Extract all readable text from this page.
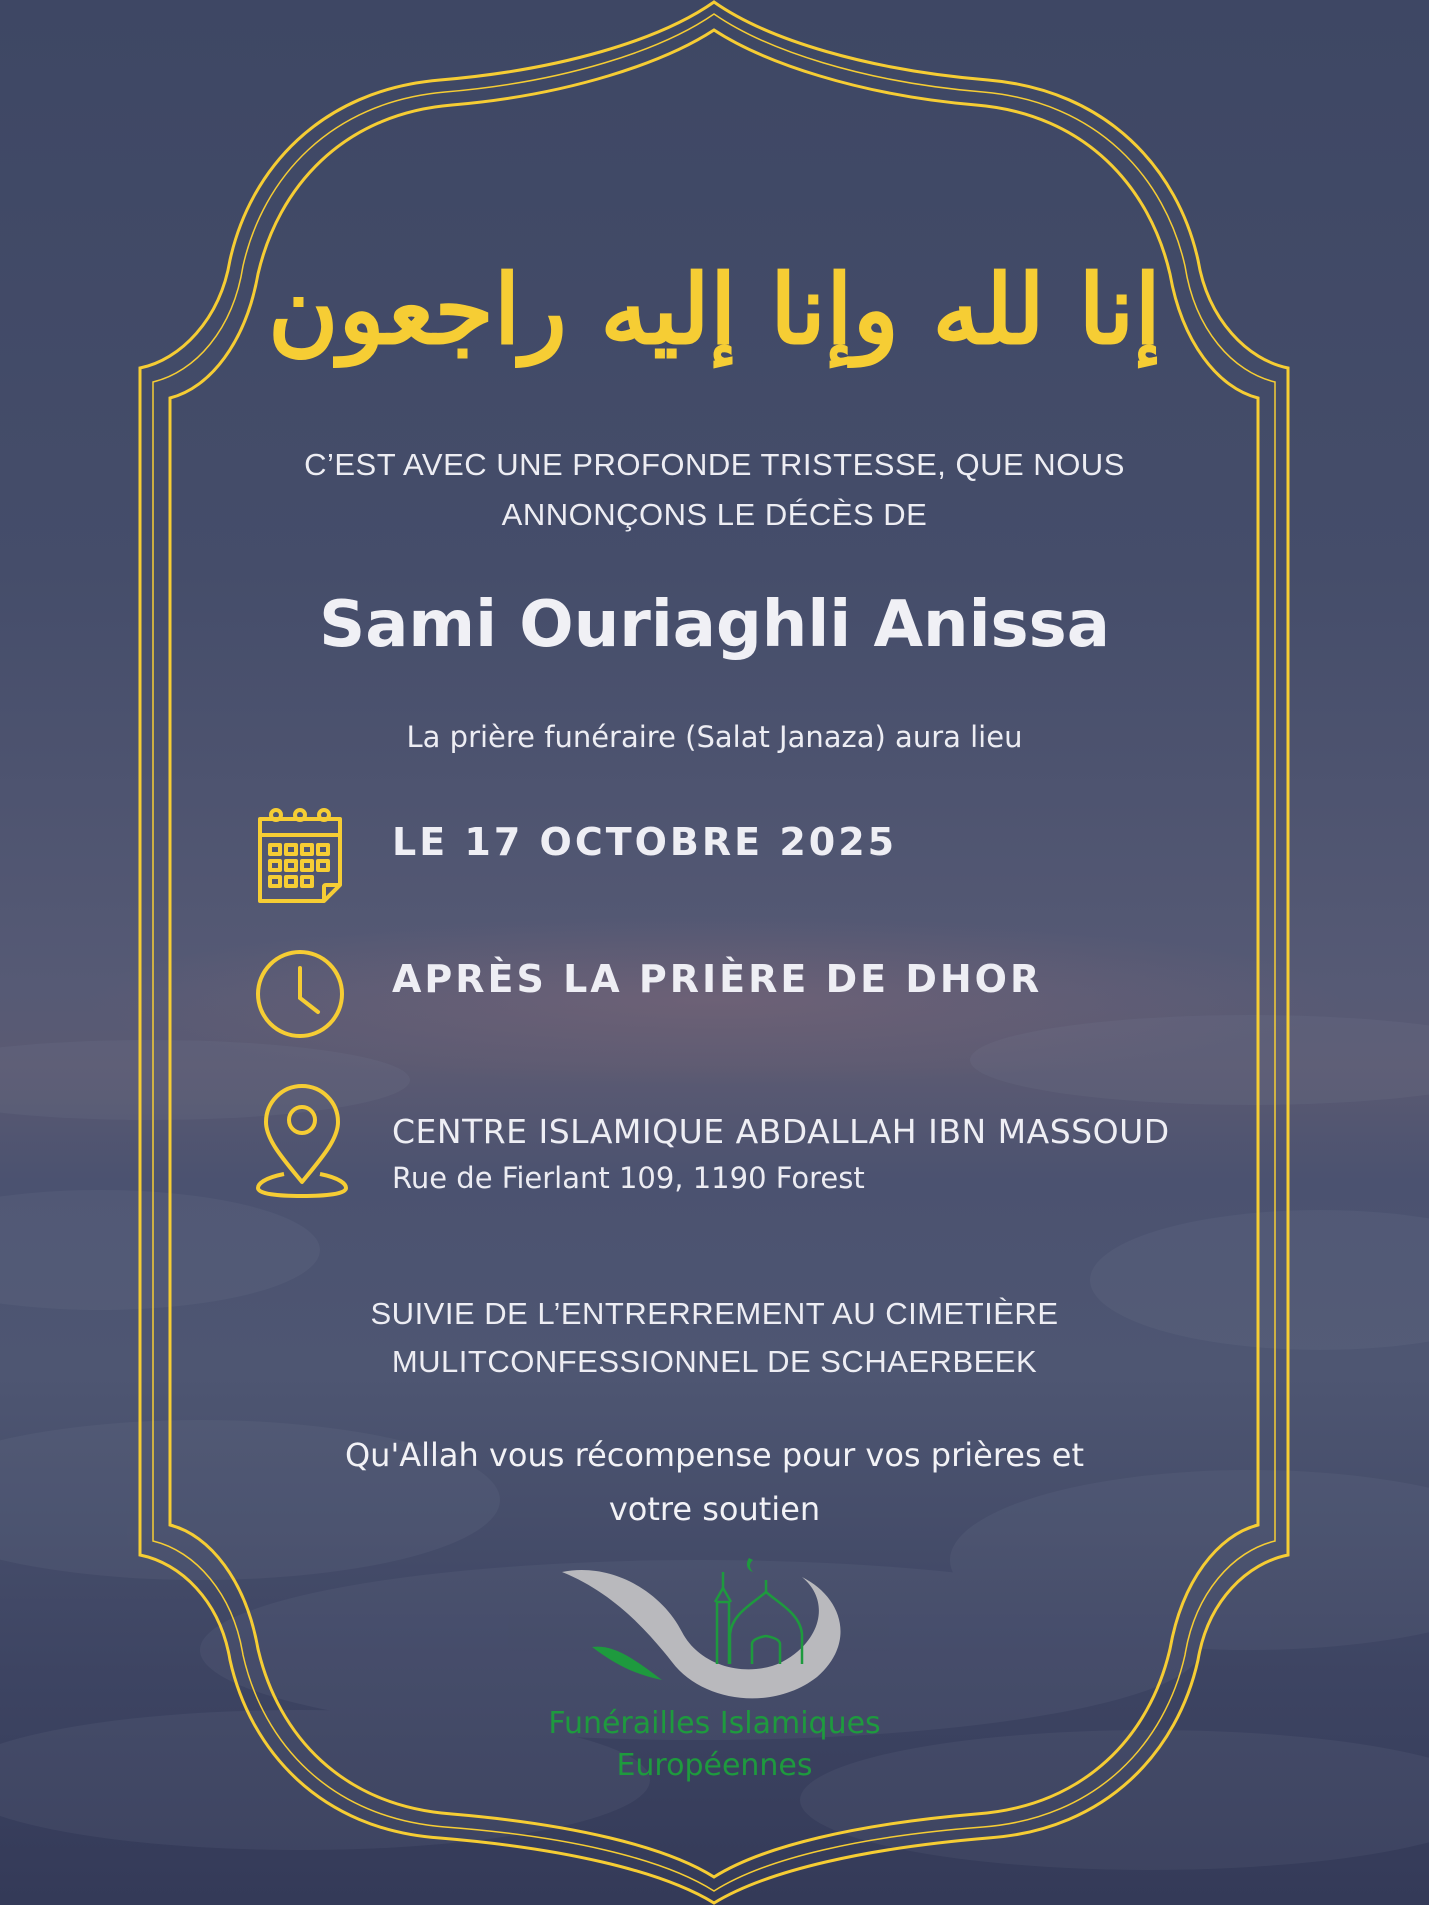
إنا لله وإنا إليه راجعون
C’EST AVEC UNE PROFONDE TRISTESSE, QUE NOUS
ANNONÇONS LE DÉCÈS DE
Sami Ouriaghli Anissa
La prière funéraire (Salat Janaza) aura lieu
LE 17 OCTOBRE 2025
APRÈS LA PRIÈRE DE DHOR
CENTRE ISLAMIQUE ABDALLAH IBN MASSOUD
Rue de Fierlant 109, 1190 Forest
SUIVIE DE L’ENTRERREMENT AU CIMETIÈRE
MULITCONFESSIONNEL DE SCHAERBEEK
Qu'Allah vous récompense pour vos prières et
votre soutien
Funérailles Islamiques
Européennes
